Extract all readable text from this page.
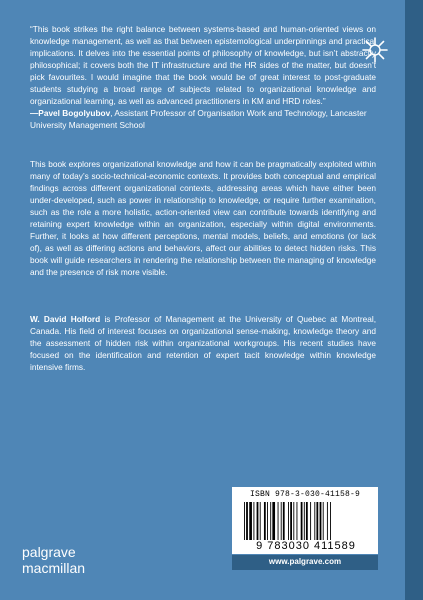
“This book strikes the right balance between systems-based and human-oriented views on knowledge management, as well as that between epistemological underpinnings and practical implications. It delves into the essential points of philosophy of knowledge, but isn’t abstractly philosophical; it covers both the IT infrastructure and the HR sides of the matter, but doesn’t pick favourites. I would imagine that the book would be of great interest to post-graduate students studying a broad range of subjects related to organizational knowledge and organizational learning, as well as advanced practitioners in KM and HRD roles.”
—Pavel Bogolyubov, Assistant Professor of Organisation Work and Technology, Lancaster University Management School
This book explores organizational knowledge and how it can be pragmatically exploited within many of today’s socio-technical-economic contexts. It provides both conceptual and empirical findings across different organizational contexts, addressing areas which have either been under-developed, such as power in relationship to knowledge, or require further examination, such as the role a more holistic, action-oriented view can contribute towards identifying and retaining expert knowledge within an organization, especially within digital environments. Further, it looks at how different perceptions, mental models, beliefs, and emotions (or lack of), as well as differing actions and behaviors, affect our abilities to detect hidden risks. This book will guide researchers in rendering the relationship between the managing of knowledge and the presence of risk more visible.
W. David Holford is Professor of Management at the University of Quebec at Montreal, Canada. His field of interest focuses on organizational sense-making, knowledge theory and the assessment of hidden risk within organizational workgroups. His recent studies have focused on the identification and retention of expert tacit knowledge within knowledge intensive firms.
ISBN 978-3-030-41158-9
9 783030 411589
www.palgrave.com
palgrave
macmillan
